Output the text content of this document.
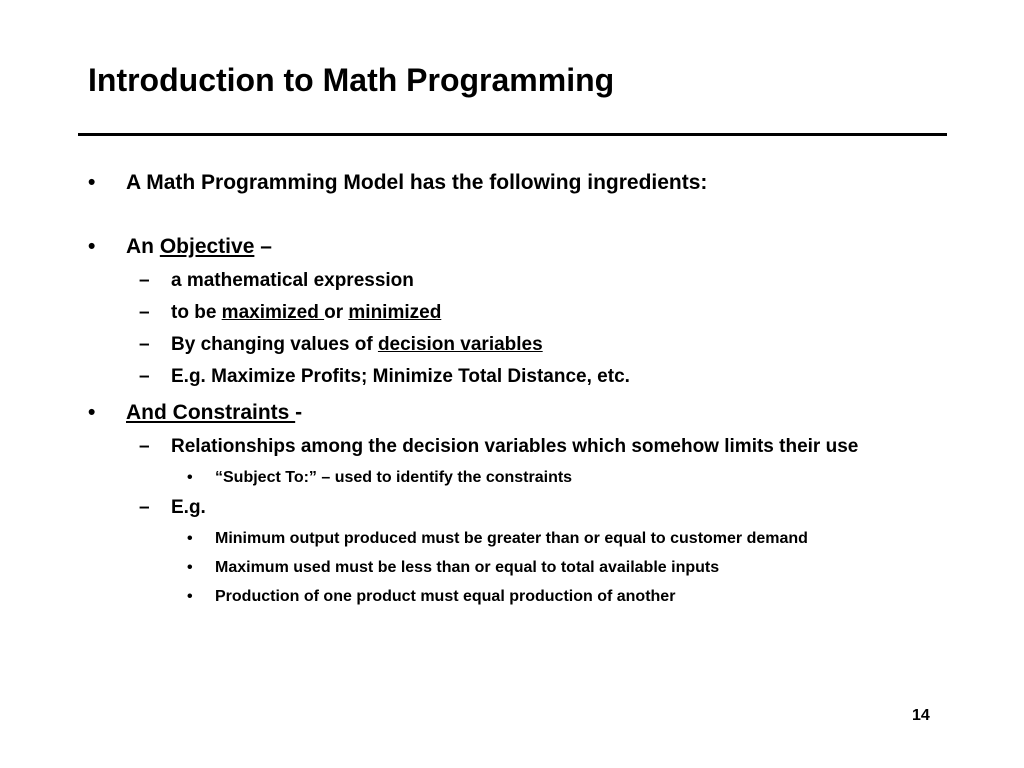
Introduction to Math Programming
• A Math Programming Model has the following ingredients:
• An Objective –
– a mathematical expression
– to be maximized or minimized
– By changing values of decision variables
– E.g. Maximize Profits; Minimize Total Distance, etc.
• And Constraints -
– Relationships among the decision variables which somehow limits their use
• “Subject To:” – used to identify the constraints
– E.g.
• Minimum output produced must be greater than or equal to customer demand
• Maximum used must be less than or equal to total available inputs
• Production of one product must equal production of another
14
